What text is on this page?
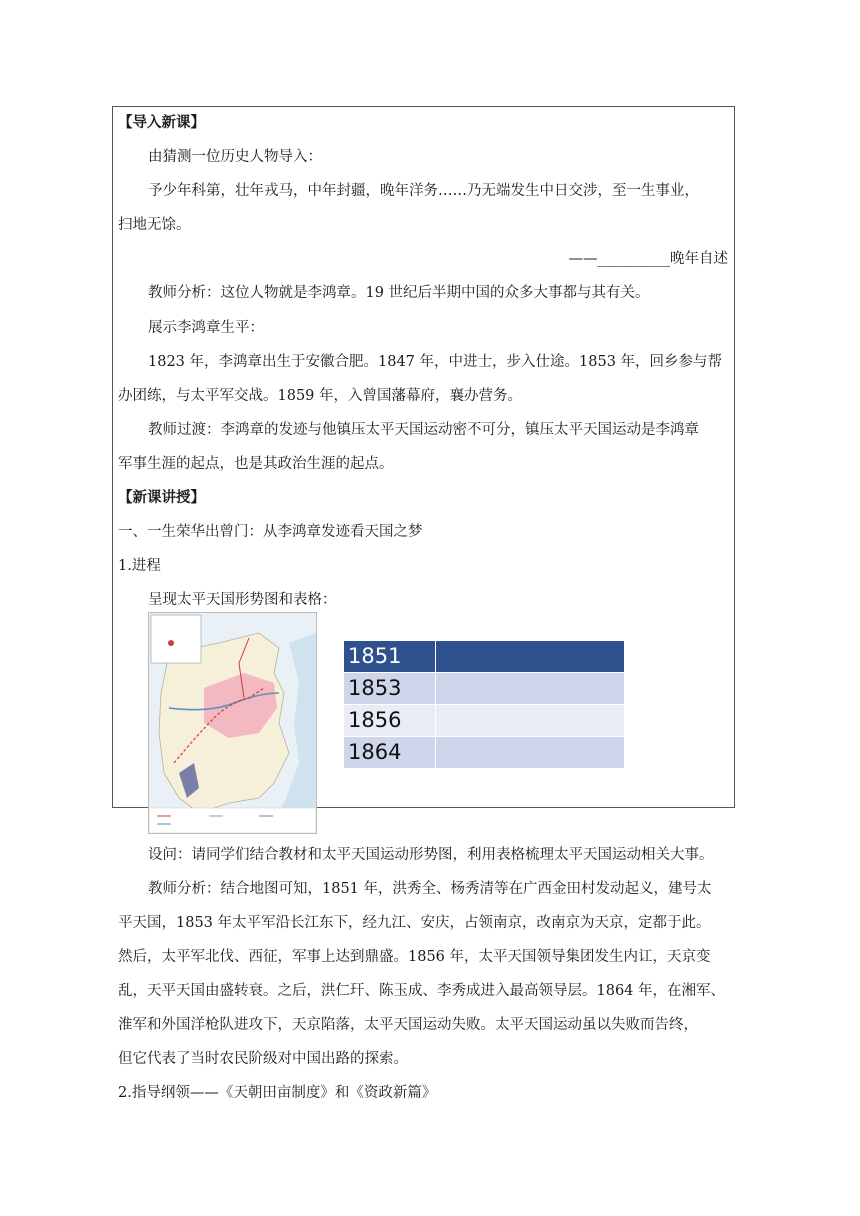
【导入新课】
由猜测一位历史人物导入：
予少年科第，壮年戎马，中年封疆，晚年洋务……乃无端发生中日交涉，至一生事业，
扫地无馀。
——__________晚年自述
教师分析：这位人物就是李鸿章。19 世纪后半期中国的众多大事都与其有关。
展示李鸿章生平：
1823 年，李鸿章出生于安徽合肥。1847 年，中进士，步入仕途。1853 年，回乡参与帮
办团练，与太平军交战。1859 年，入曾国藩幕府，襄办营务。
教师过渡：李鸿章的发迹与他镇压太平天国运动密不可分，镇压太平天国运动是李鸿章
军事生涯的起点，也是其政治生涯的起点。
【新课讲授】
一、一生荣华出曾门：从李鸿章发迹看天国之梦
1.进程
呈现太平天国形势图和表格：
1851
1853
1856
1864
设问：请同学们结合教材和太平天国运动形势图，利用表格梳理太平天国运动相关大事。
教师分析：结合地图可知，1851 年，洪秀全、杨秀清等在广西金田村发动起义，建号太
平天国，1853 年太平军沿长江东下，经九江、安庆，占领南京，改南京为天京，定都于此。
然后，太平军北伐、西征，军事上达到鼎盛。1856 年，太平天国领导集团发生内讧，天京变
乱，天平天国由盛转衰。之后，洪仁玕、陈玉成、李秀成进入最高领导层。1864 年，在湘军、
淮军和外国洋枪队进攻下，天京陷落，太平天国运动失败。太平天国运动虽以失败而告终，
但它代表了当时农民阶级对中国出路的探索。
2.指导纲领——《天朝田亩制度》和《资政新篇》
